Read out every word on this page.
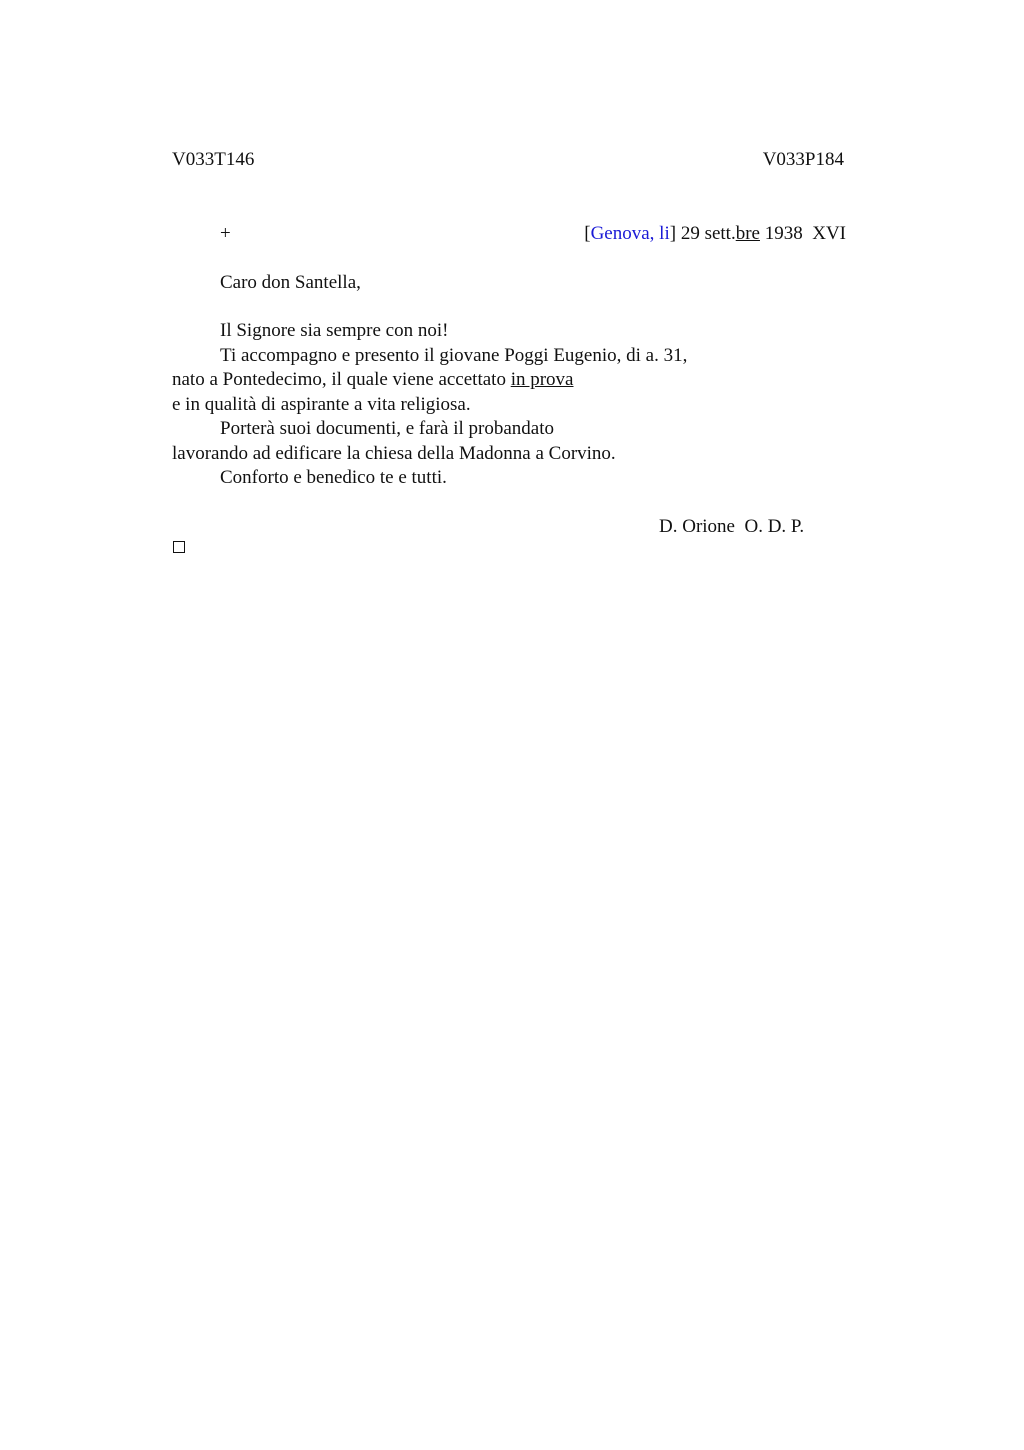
V033T146	V033P184
+	[Genova, li] 29 sett.bre 1938  XVI
Caro don Santella,
Il Signore sia sempre con noi!
Ti accompagno e presento il giovane Poggi Eugenio, di a. 31,
nato a Pontedecimo, il quale viene accettato in prova
e in qualità di aspirante a vita religiosa.
Porterà suoi documenti, e farà il probandato
lavorando ad edificare la chiesa della Madonna a Corvino.
Conforto e benedico te e tutti.
D. Orione  O. D. P.
